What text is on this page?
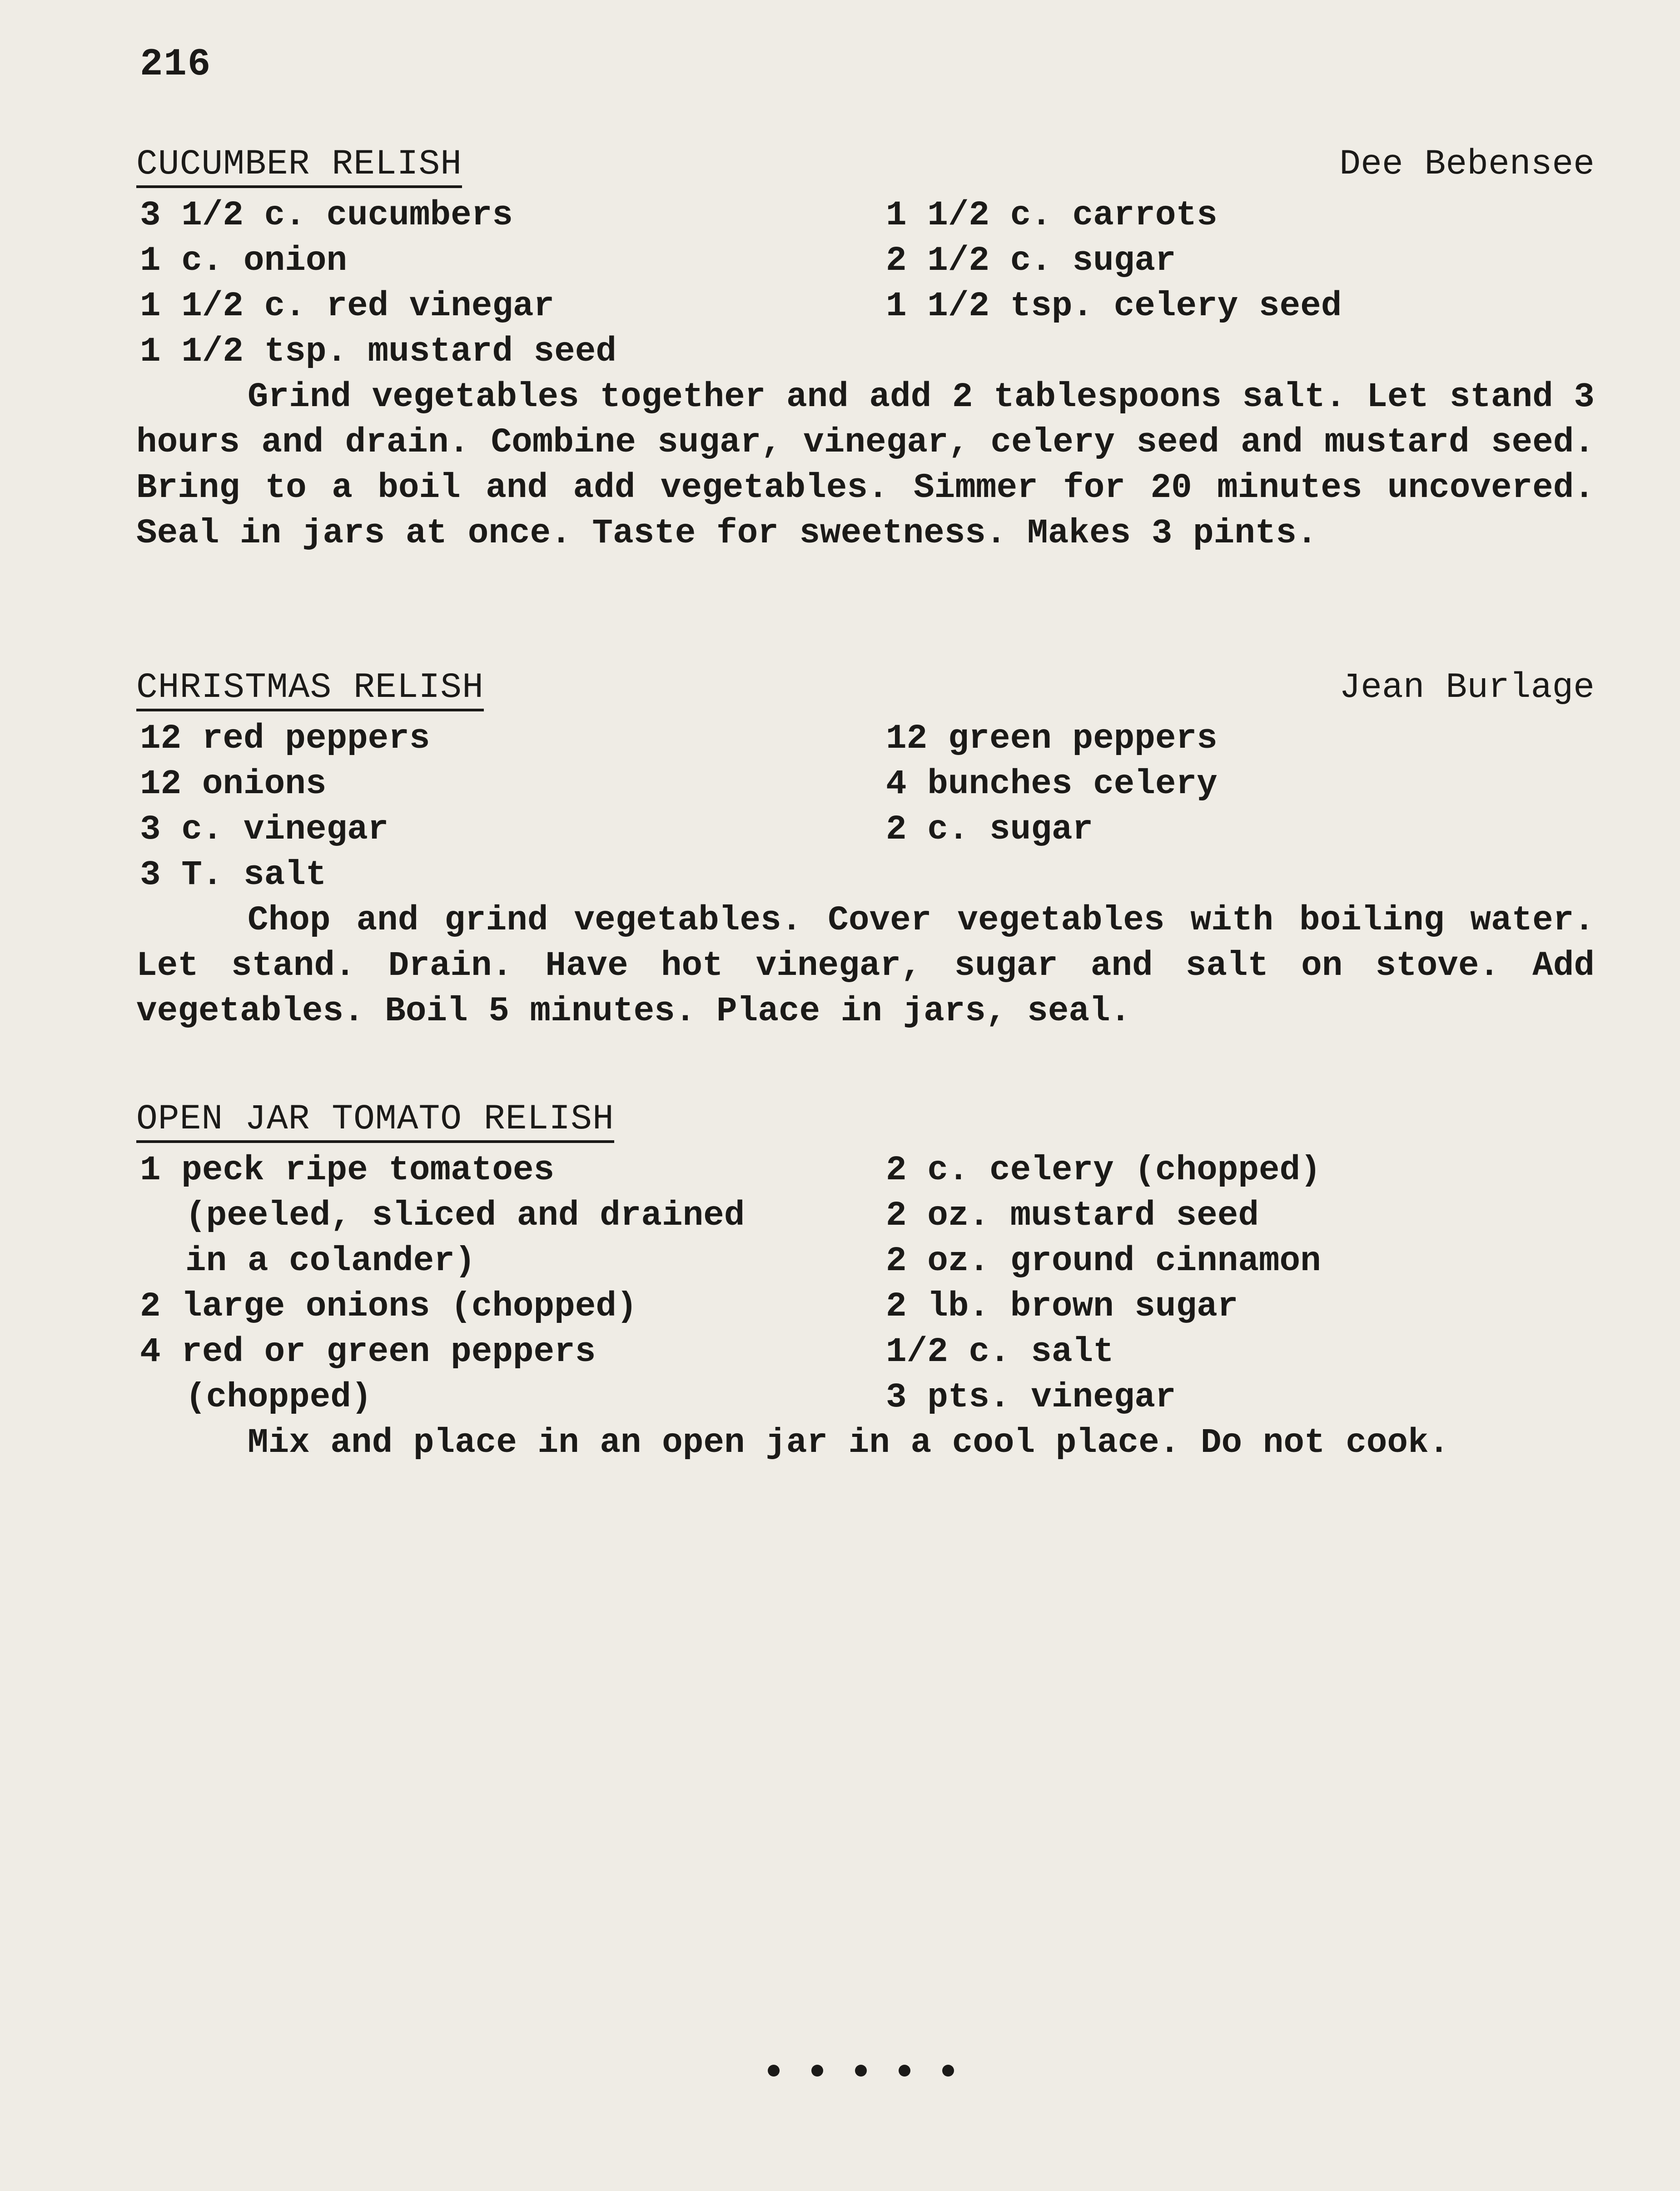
216
CUCUMBER RELISH	Dee Bebensee
3 1/2 c. cucumbers
1 c. onion
1 1/2 c. red vinegar
1 1/2 tsp. mustard seed
1 1/2 c. carrots
2 1/2 c. sugar
1 1/2 tsp. celery seed
Grind vegetables together and add 2 tablespoons salt. Let stand 3 hours and drain. Combine sugar, vinegar, celery seed and mustard seed. Bring to a boil and add vegetables. Simmer for 20 minutes uncovered. Seal in jars at once. Taste for sweetness. Makes 3 pints.
CHRISTMAS RELISH	Jean Burlage
12 red peppers
12 onions
3 c. vinegar
3 T. salt
12 green peppers
4 bunches celery
2 c. sugar
Chop and grind vegetables. Cover vegetables with boiling water. Let stand. Drain. Have hot vinegar, sugar and salt on stove. Add vegetables. Boil 5 minutes. Place in jars, seal.
OPEN JAR TOMATO RELISH
1 peck ripe tomatoes
(peeled, sliced and drained
in a colander)
2 large onions (chopped)
4 red or green peppers
(chopped)
2 c. celery (chopped)
2 oz. mustard seed
2 oz. ground cinnamon
2 lb. brown sugar
1/2 c. salt
3 pts. vinegar
Mix and place in an open jar in a cool place. Do not cook.
